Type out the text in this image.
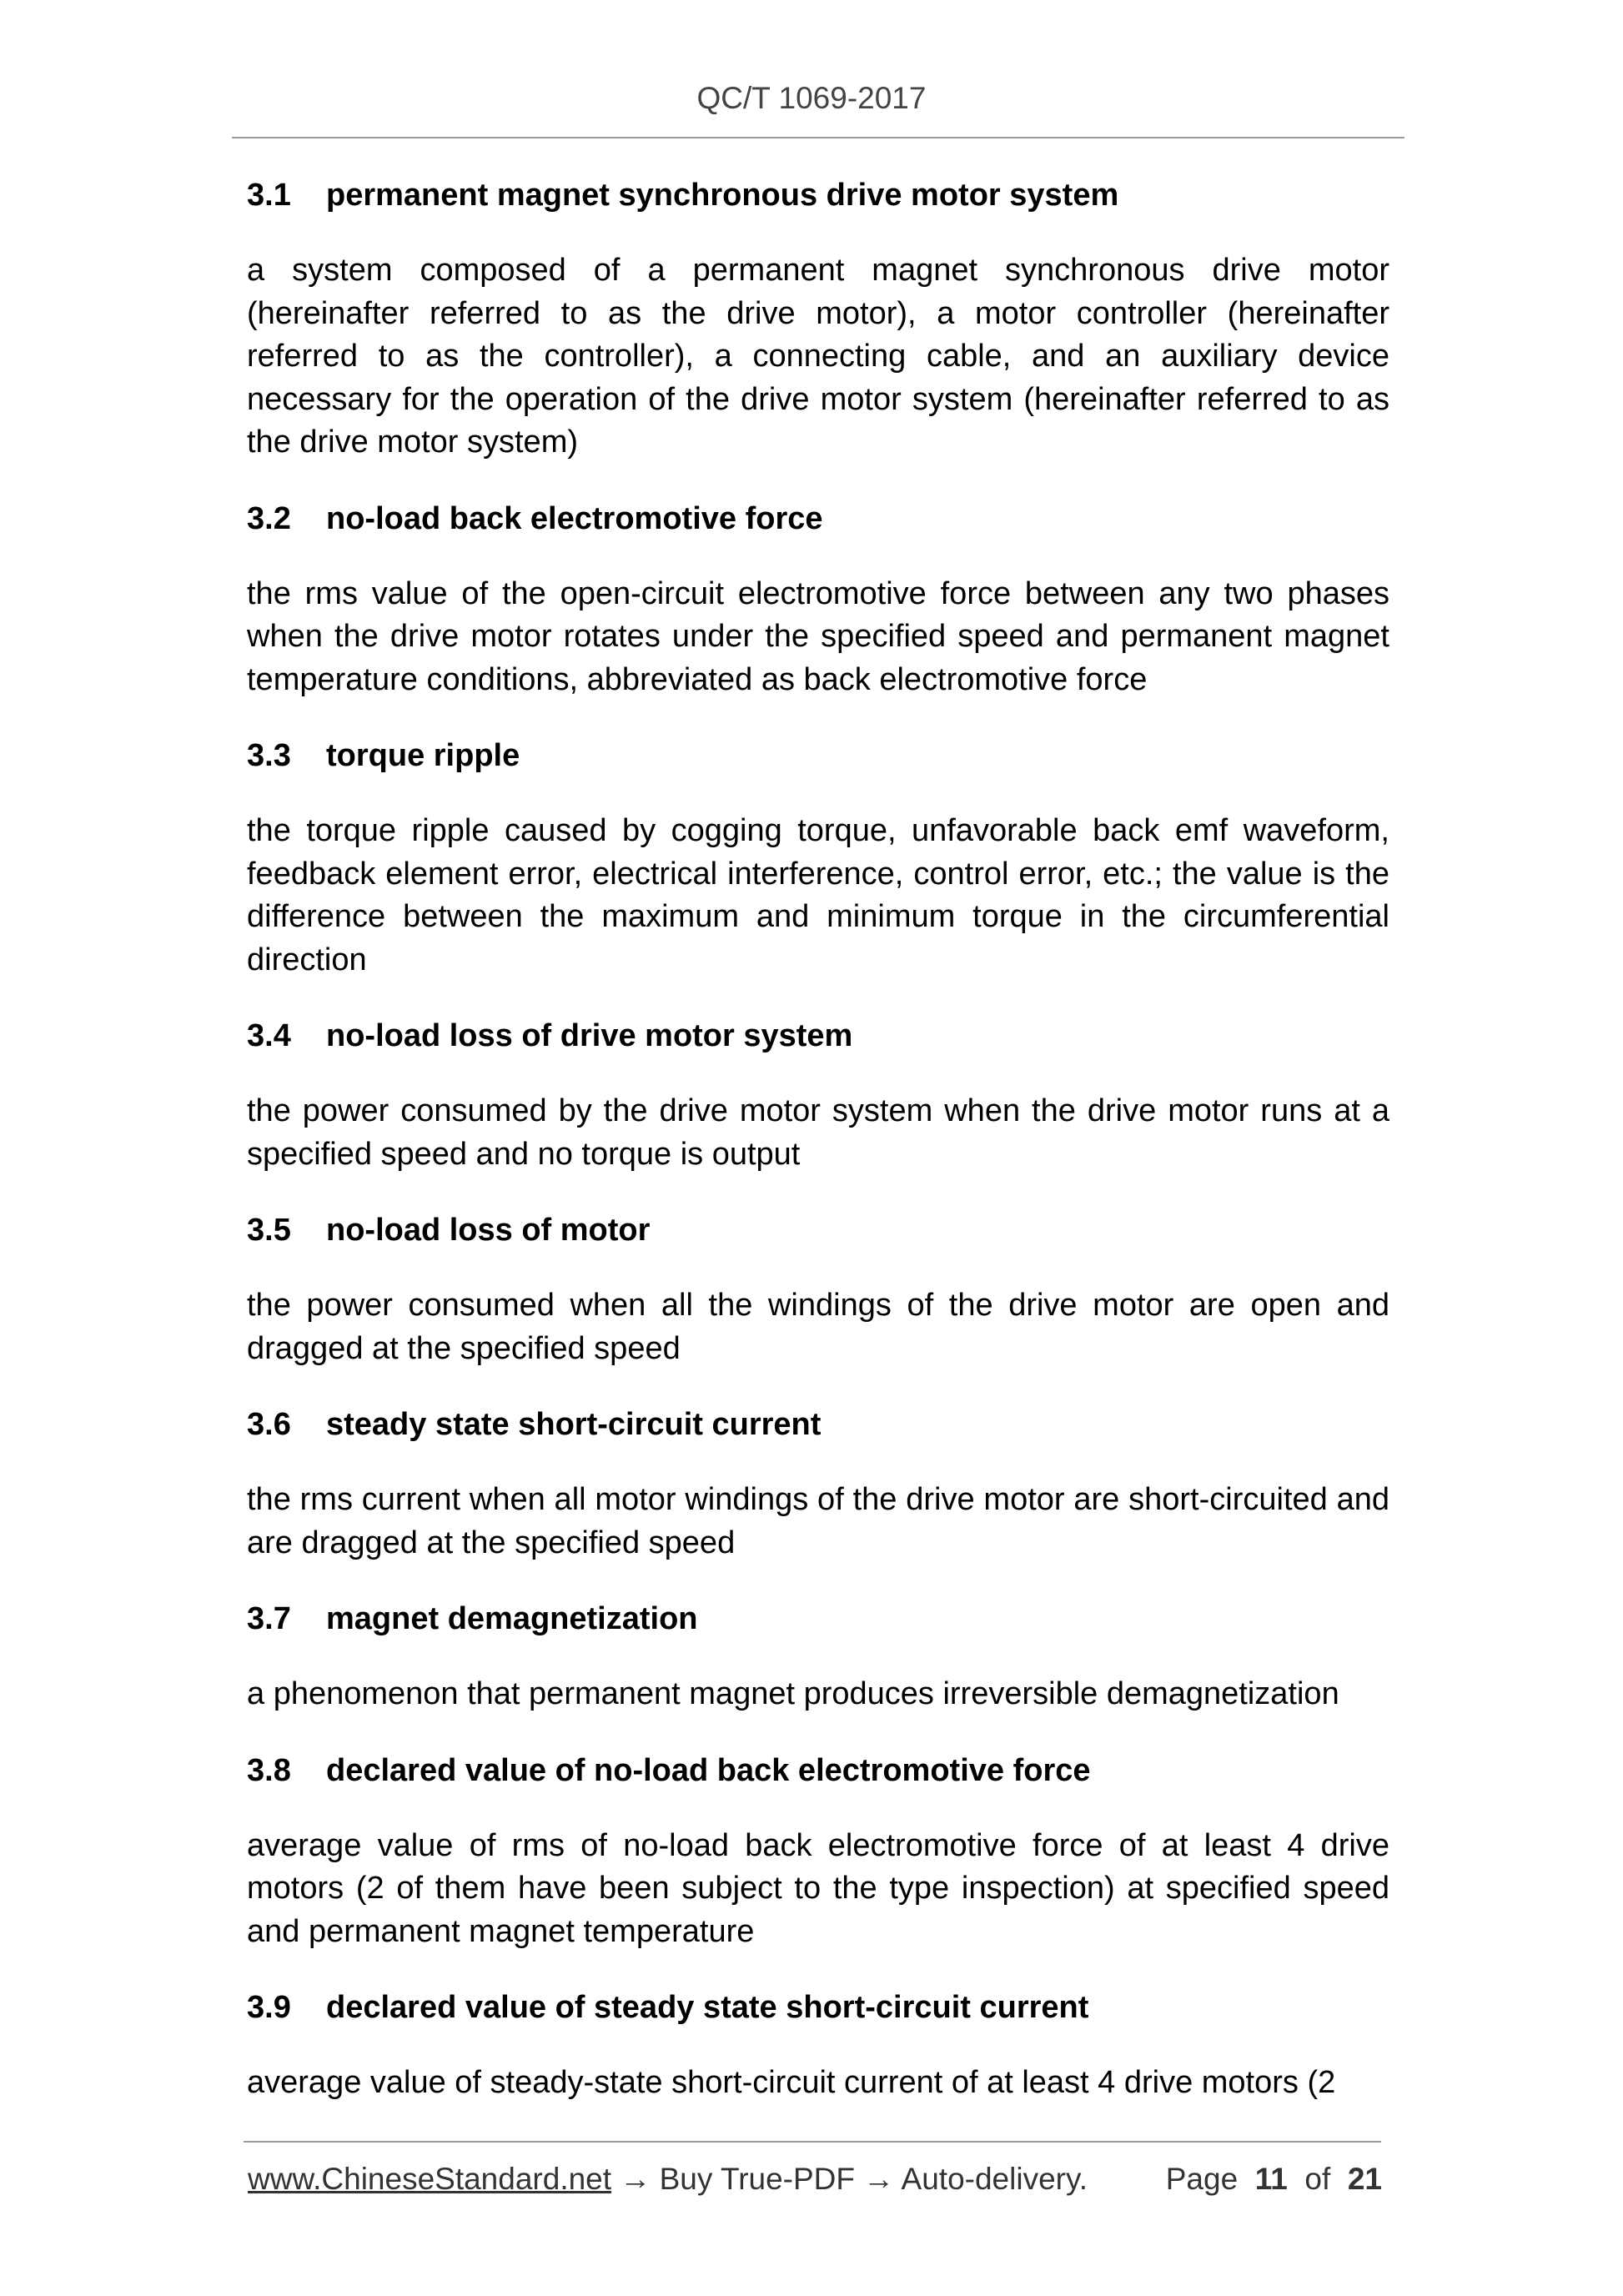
QC/T 1069-2017
3.1 permanent magnet synchronous drive motor system
a system composed of a permanent magnet synchronous drive motor (hereinafter referred to as the drive motor), a motor controller (hereinafter referred to as the controller), a connecting cable, and an auxiliary device necessary for the operation of the drive motor system (hereinafter referred to as the drive motor system)
3.2 no-load back electromotive force
the rms value of the open-circuit electromotive force between any two phases when the drive motor rotates under the specified speed and permanent magnet temperature conditions, abbreviated as back electromotive force
3.3 torque ripple
the torque ripple caused by cogging torque, unfavorable back emf waveform, feedback element error, electrical interference, control error, etc.; the value is the difference between the maximum and minimum torque in the circumferential direction
3.4 no-load loss of drive motor system
the power consumed by the drive motor system when the drive motor runs at a specified speed and no torque is output
3.5 no-load loss of motor
the power consumed when all the windings of the drive motor are open and dragged at the specified speed
3.6 steady state short-circuit current
the rms current when all motor windings of the drive motor are short-circuited and are dragged at the specified speed
3.7 magnet demagnetization
a phenomenon that permanent magnet produces irreversible demagnetization
3.8 declared value of no-load back electromotive force
average value of rms of no-load back electromotive force of at least 4 drive motors (2 of them have been subject to the type inspection) at specified speed and permanent magnet temperature
3.9 declared value of steady state short-circuit current
average value of steady-state short-circuit current of at least 4 drive motors (2
www.ChineseStandard.net → Buy True-PDF → Auto-delivery.	Page 11 of 21
